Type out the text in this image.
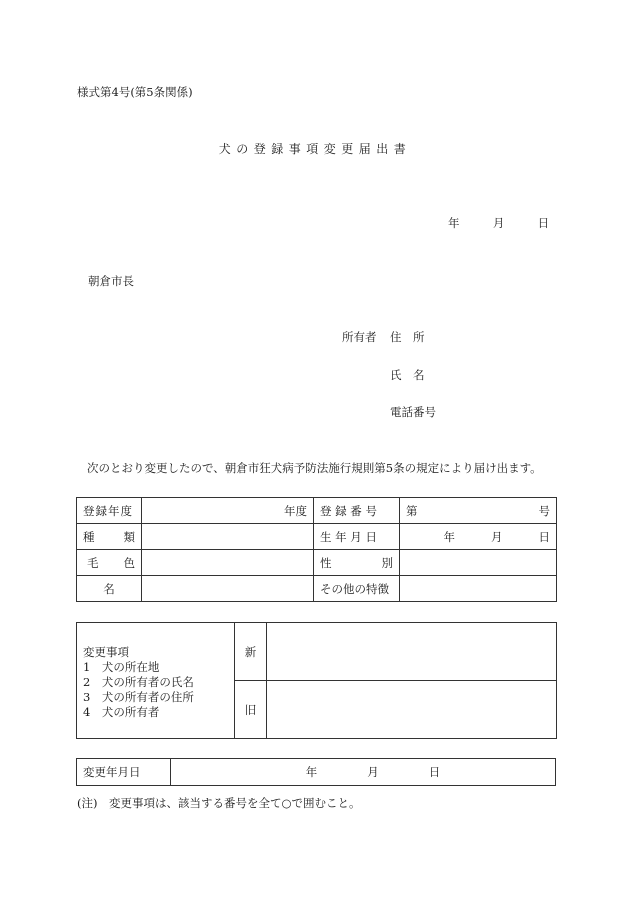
様式第4号(第5条関係)
犬の登録事項変更届出書
年	月	日
朝倉市長
所有者 住　所
氏　名
電話番号
次のとおり変更したので、朝倉市狂犬病予防法施行規則第5条の規定により届け出ます。
登録年度	年度	登 録 番 号	第 号

種 類		生 年 月 日	年 月 日

毛 色		性 別	

名		その他の特徴	
変更事項
1　犬の所在地
2　犬の所有者の氏名
3　犬の所有者の住所
4　犬の所有者	新	
	旧	
変更年月日	年	月	日
(注)　変更事項は、該当する番号を全て○で囲むこと。
